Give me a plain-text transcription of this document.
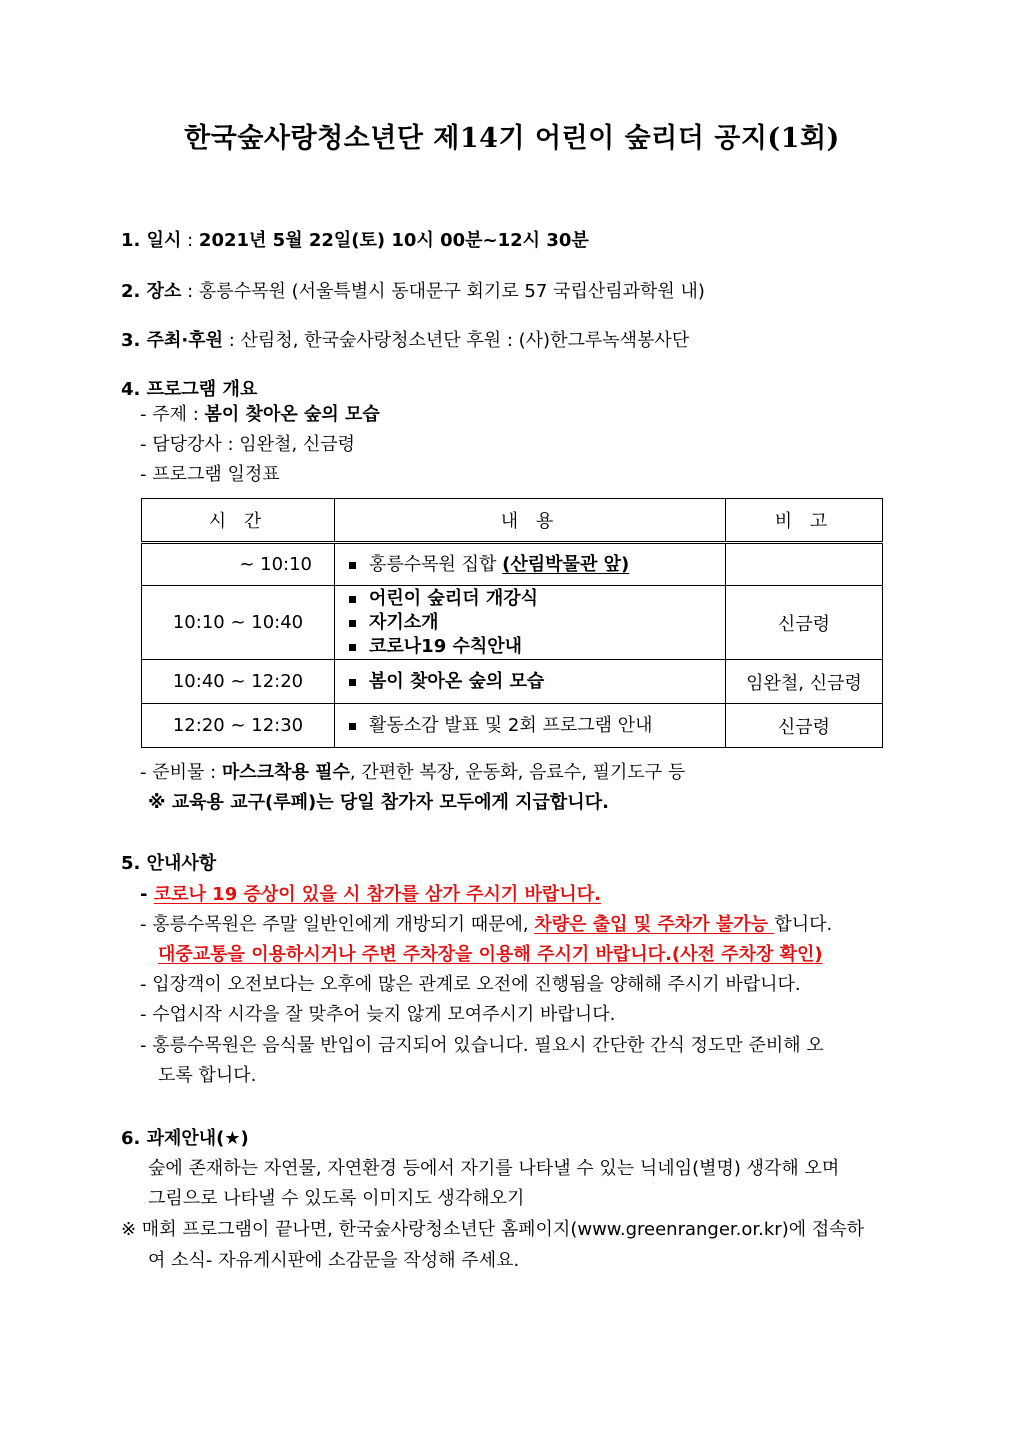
한국숲사랑청소년단 제14기 어린이 숲리더 공지(1회)
1. 일시 : 2021년 5월 22일(토) 10시 00분~12시 30분
2. 장소 : 홍릉수목원 (서울특별시 동대문구 회기로 57 국립산림과학원 내)
3. 주최·후원 : 산림청, 한국숲사랑청소년단 후원 : (사)한그루녹색봉사단
4. 프로그램 개요
- 주제 : 봄이 찾아온 숲의 모습
- 담당강사 : 임완철, 신금령
- 프로그램 일정표
시 간	내 용	비 고
~ 10:10	홍릉수목원 집합 (산림박물관 앞)	

10:10 ~ 10:40	어린이 숲리더 개강식
자기소개
코로나19 수칙안내	신금령
10:40 ~ 12:20	봄이 찾아온 숲의 모습	임완철, 신금령
12:20 ~ 12:30	활동소감 발표 및 2회 프로그램 안내	신금령
- 준비물 : 마스크착용 필수, 간편한 복장, 운동화, 음료수, 필기도구 등
※ 교육용 교구(루페)는 당일 참가자 모두에게 지급합니다.
5. 안내사항
- 코로나 19 증상이 있을 시 참가를 삼가 주시기 바랍니다.
- 홍릉수목원은 주말 일반인에게 개방되기 때문에, 차량은 출입 및 주차가 불가능 합니다.
대중교통을 이용하시거나 주변 주차장을 이용해 주시기 바랍니다.(사전 주차장 확인)
- 입장객이 오전보다는 오후에 많은 관계로 오전에 진행됨을 양해해 주시기 바랍니다.
- 수업시작 시각을 잘 맞추어 늦지 않게 모여주시기 바랍니다.
- 홍릉수목원은 음식물 반입이 금지되어 있습니다. 필요시 간단한 간식 정도만 준비해 오
도록 합니다.
6. 과제안내(★)
숲에 존재하는 자연물, 자연환경 등에서 자기를 나타낼 수 있는 닉네임(별명) 생각해 오며
그림으로 나타낼 수 있도록 이미지도 생각해오기
※ 매회 프로그램이 끝나면, 한국숲사랑청소년단 홈페이지(www.greenranger.or.kr)에 접속하
여 소식- 자유게시판에 소감문을 작성해 주세요.
